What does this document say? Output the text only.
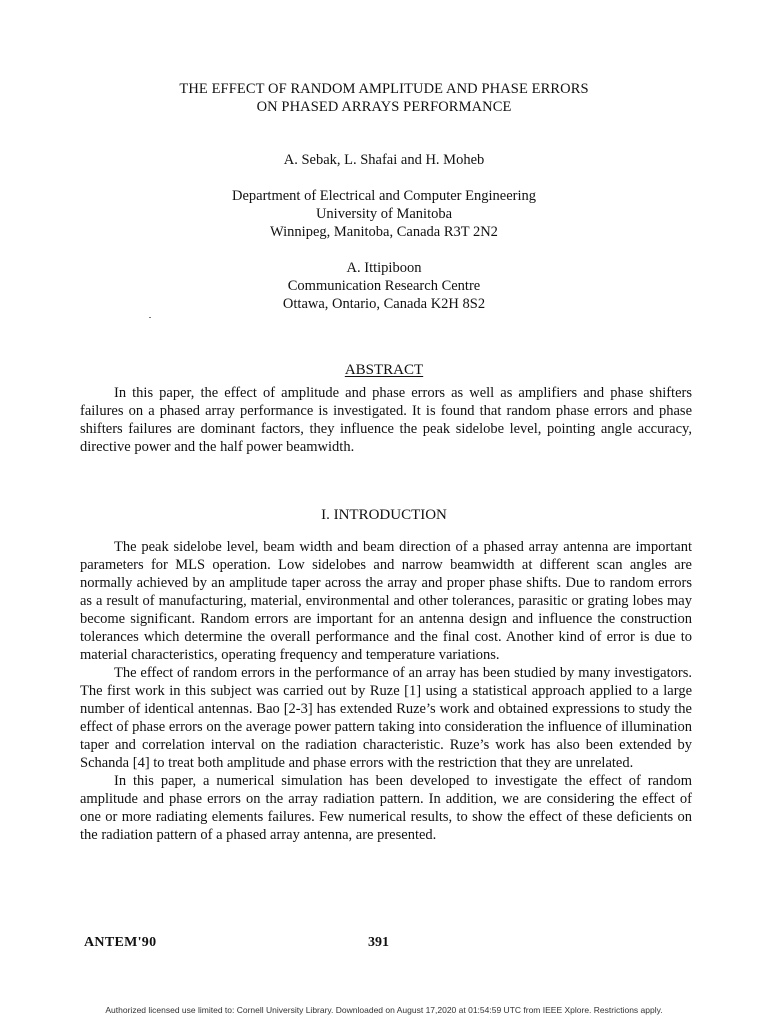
THE EFFECT OF RANDOM AMPLITUDE AND PHASE ERRORS
ON PHASED ARRAYS PERFORMANCE
A. Sebak, L. Shafai and H. Moheb
Department of Electrical and Computer Engineering
University of Manitoba
Winnipeg, Manitoba, Canada R3T 2N2
A. Ittipiboon
Communication Research Centre
Ottawa, Ontario, Canada K2H 8S2
ABSTRACT

In this paper, the effect of amplitude and phase errors as well as amplifiers and phase shifters failures on a phased array performance is investigated. It is found that random phase errors and phase shifters failures are dominant factors, they influence the peak sidelobe level, pointing angle accuracy, directive power and the half power beamwidth.

I. INTRODUCTION

The peak sidelobe level, beam width and beam direction of a phased array antenna are important parameters for MLS operation. Low sidelobes and narrow beamwidth at different scan angles are normally achieved by an amplitude taper across the array and proper phase shifts. Due to random errors as a result of manufacturing, material, environmental and other tolerances, parasitic or grating lobes may become significant. Random errors are important for an antenna design and influence the construction tolerances which determine the overall performance and the final cost. Another kind of error is due to material characteristics, operating frequency and temperature variations.

The effect of random errors in the performance of an array has been studied by many investigators. The first work in this subject was carried out by Ruze [1] using a statistical approach applied to a large number of identical antennas. Bao [2-3] has extended Ruze’s work and obtained expressions to study the effect of phase errors on the average power pattern taking into consideration the influence of illumination taper and correlation interval on the radiation characteristic. Ruze’s work has also been extended by Schanda [4] to treat both amplitude and phase errors with the restriction that they are unrelated.

In this paper, a numerical simulation has been developed to investigate the effect of random amplitude and phase errors on the array radiation pattern. In addition, we are considering the effect of one or more radiating elements failures. Few numerical results, to show the effect of these deficients on the radiation pattern of a phased array antenna, are presented.

ANTEM'90	391
Authorized licensed use limited to: Cornell University Library. Downloaded on August 17,2020 at 01:54:59 UTC from IEEE Xplore. Restrictions apply.
